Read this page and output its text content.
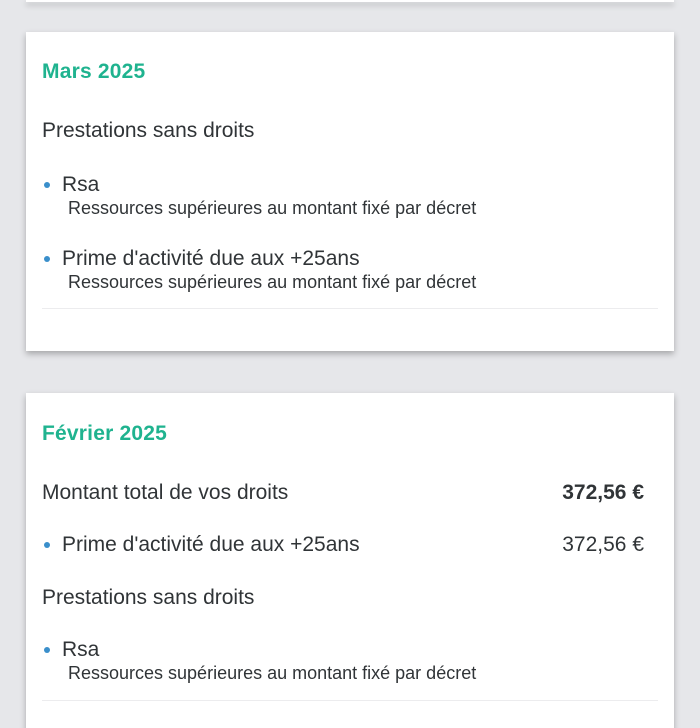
Mars 2025
Prestations sans droits
Rsa
Ressources supérieures au montant fixé par décret
Prime d'activité due aux +25ans
Ressources supérieures au montant fixé par décret
Février 2025
Montant total de vos droits	372,56 €
Prime d'activité due aux +25ans	372,56 €
Prestations sans droits
Rsa
Ressources supérieures au montant fixé par décret
